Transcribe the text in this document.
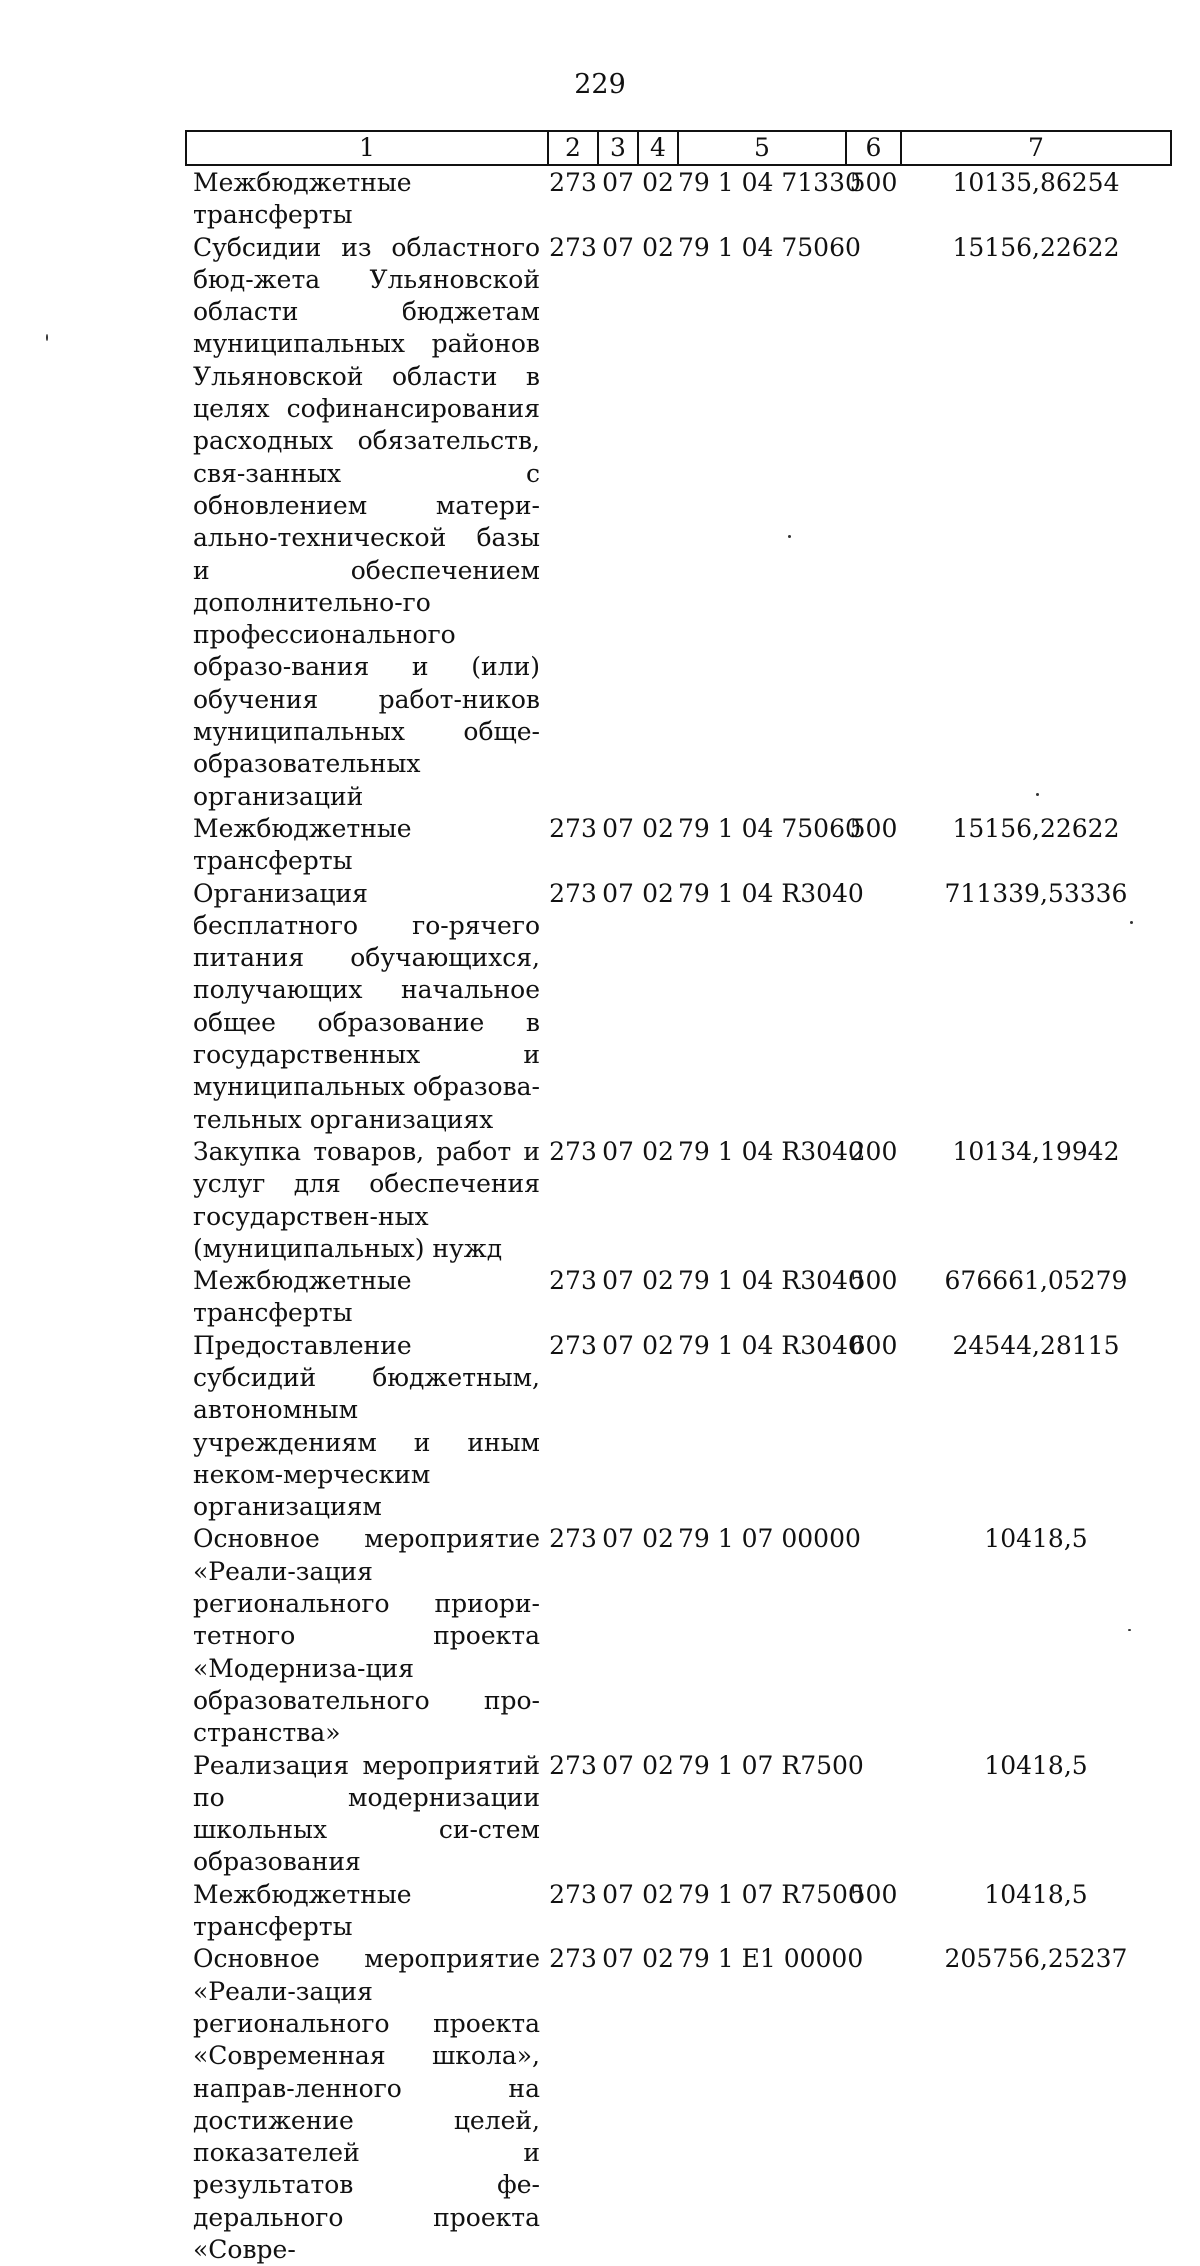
229
1	2	3	4	5	6	7
Межбюджетные трансферты	273	07	02	79 1 04 71330	500	10135,86254
Субсидии из областного бюд-жета Ульяновской области бюджетам муниципальных районов Ульяновской области в целях софинансирования расходных обязательств, свя-занных с обновлением матери-ально-технической базы и обеспечением дополнительно-го профессионального образо-вания и (или) обучения работ-ников муниципальных обще-образовательных организаций	273	07	02	79 1 04 75060		15156,22622
Межбюджетные трансферты	273	07	02	79 1 04 75060	500	15156,22622
Организация бесплатного го-рячего питания обучающихся, получающих начальное общее образование в государственных и муниципальных образова-тельных организациях	273	07	02	79 1 04 R3040		711339,53336
Закупка товаров, работ и услуг для обеспечения государствен-ных (муниципальных) нужд	273	07	02	79 1 04 R3040	200	10134,19942
Межбюджетные трансферты	273	07	02	79 1 04 R3040	500	676661,05279
Предоставление субсидий бюджетным, автономным учреждениям и иным неком-мерческим организациям	273	07	02	79 1 04 R3040	600	24544,28115
Основное мероприятие «Реали-зация регионального приори-тетного проекта «Модерниза-ция образовательного про-странства»	273	07	02	79 1 07 00000		10418,5
Реализация мероприятий по модернизации школьных си-стем образования	273	07	02	79 1 07 R7500		10418,5
Межбюджетные трансферты	273	07	02	79 1 07 R7500	500	10418,5
Основное мероприятие «Реали-зация регионального проекта «Современная школа», направ-ленного на достижение целей, показателей и результатов фе-дерального проекта «Совре-	273	07	02	79 1 E1 00000		205756,25237
